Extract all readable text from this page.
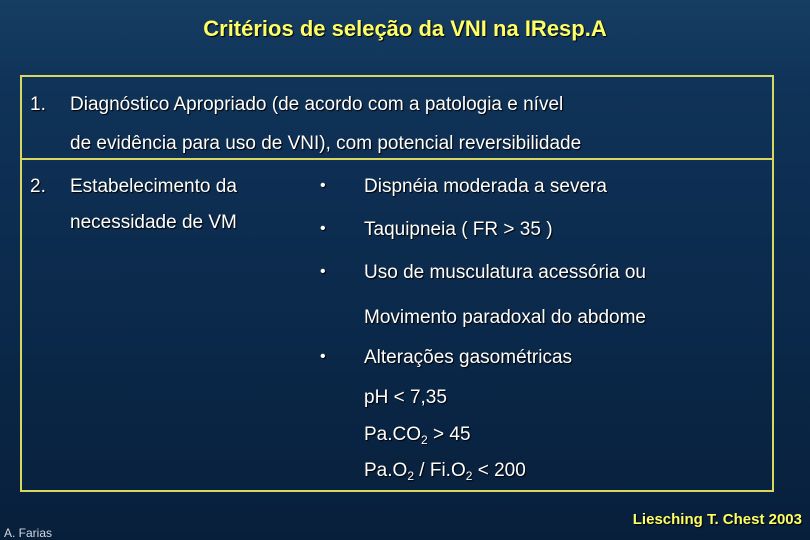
Critérios de seleção da VNI na IResp.A
1. Diagnóstico Apropriado (de acordo com a patologia e nível
de evidência para uso de VNI), com potencial reversibilidade
2. Estabelecimento da
necessidade de VM
• Dispnéia moderada a severa
• Taquipneia ( FR > 35 )
• Uso de musculatura acessória ou
Movimento paradoxal do abdome
• Alterações gasométricas
pH < 7,35
$Pa.CO_2 > 45$
$Pa.O_2 / Fi.O_2 < 200$
A. Farias
Liesching T. Chest 2003
